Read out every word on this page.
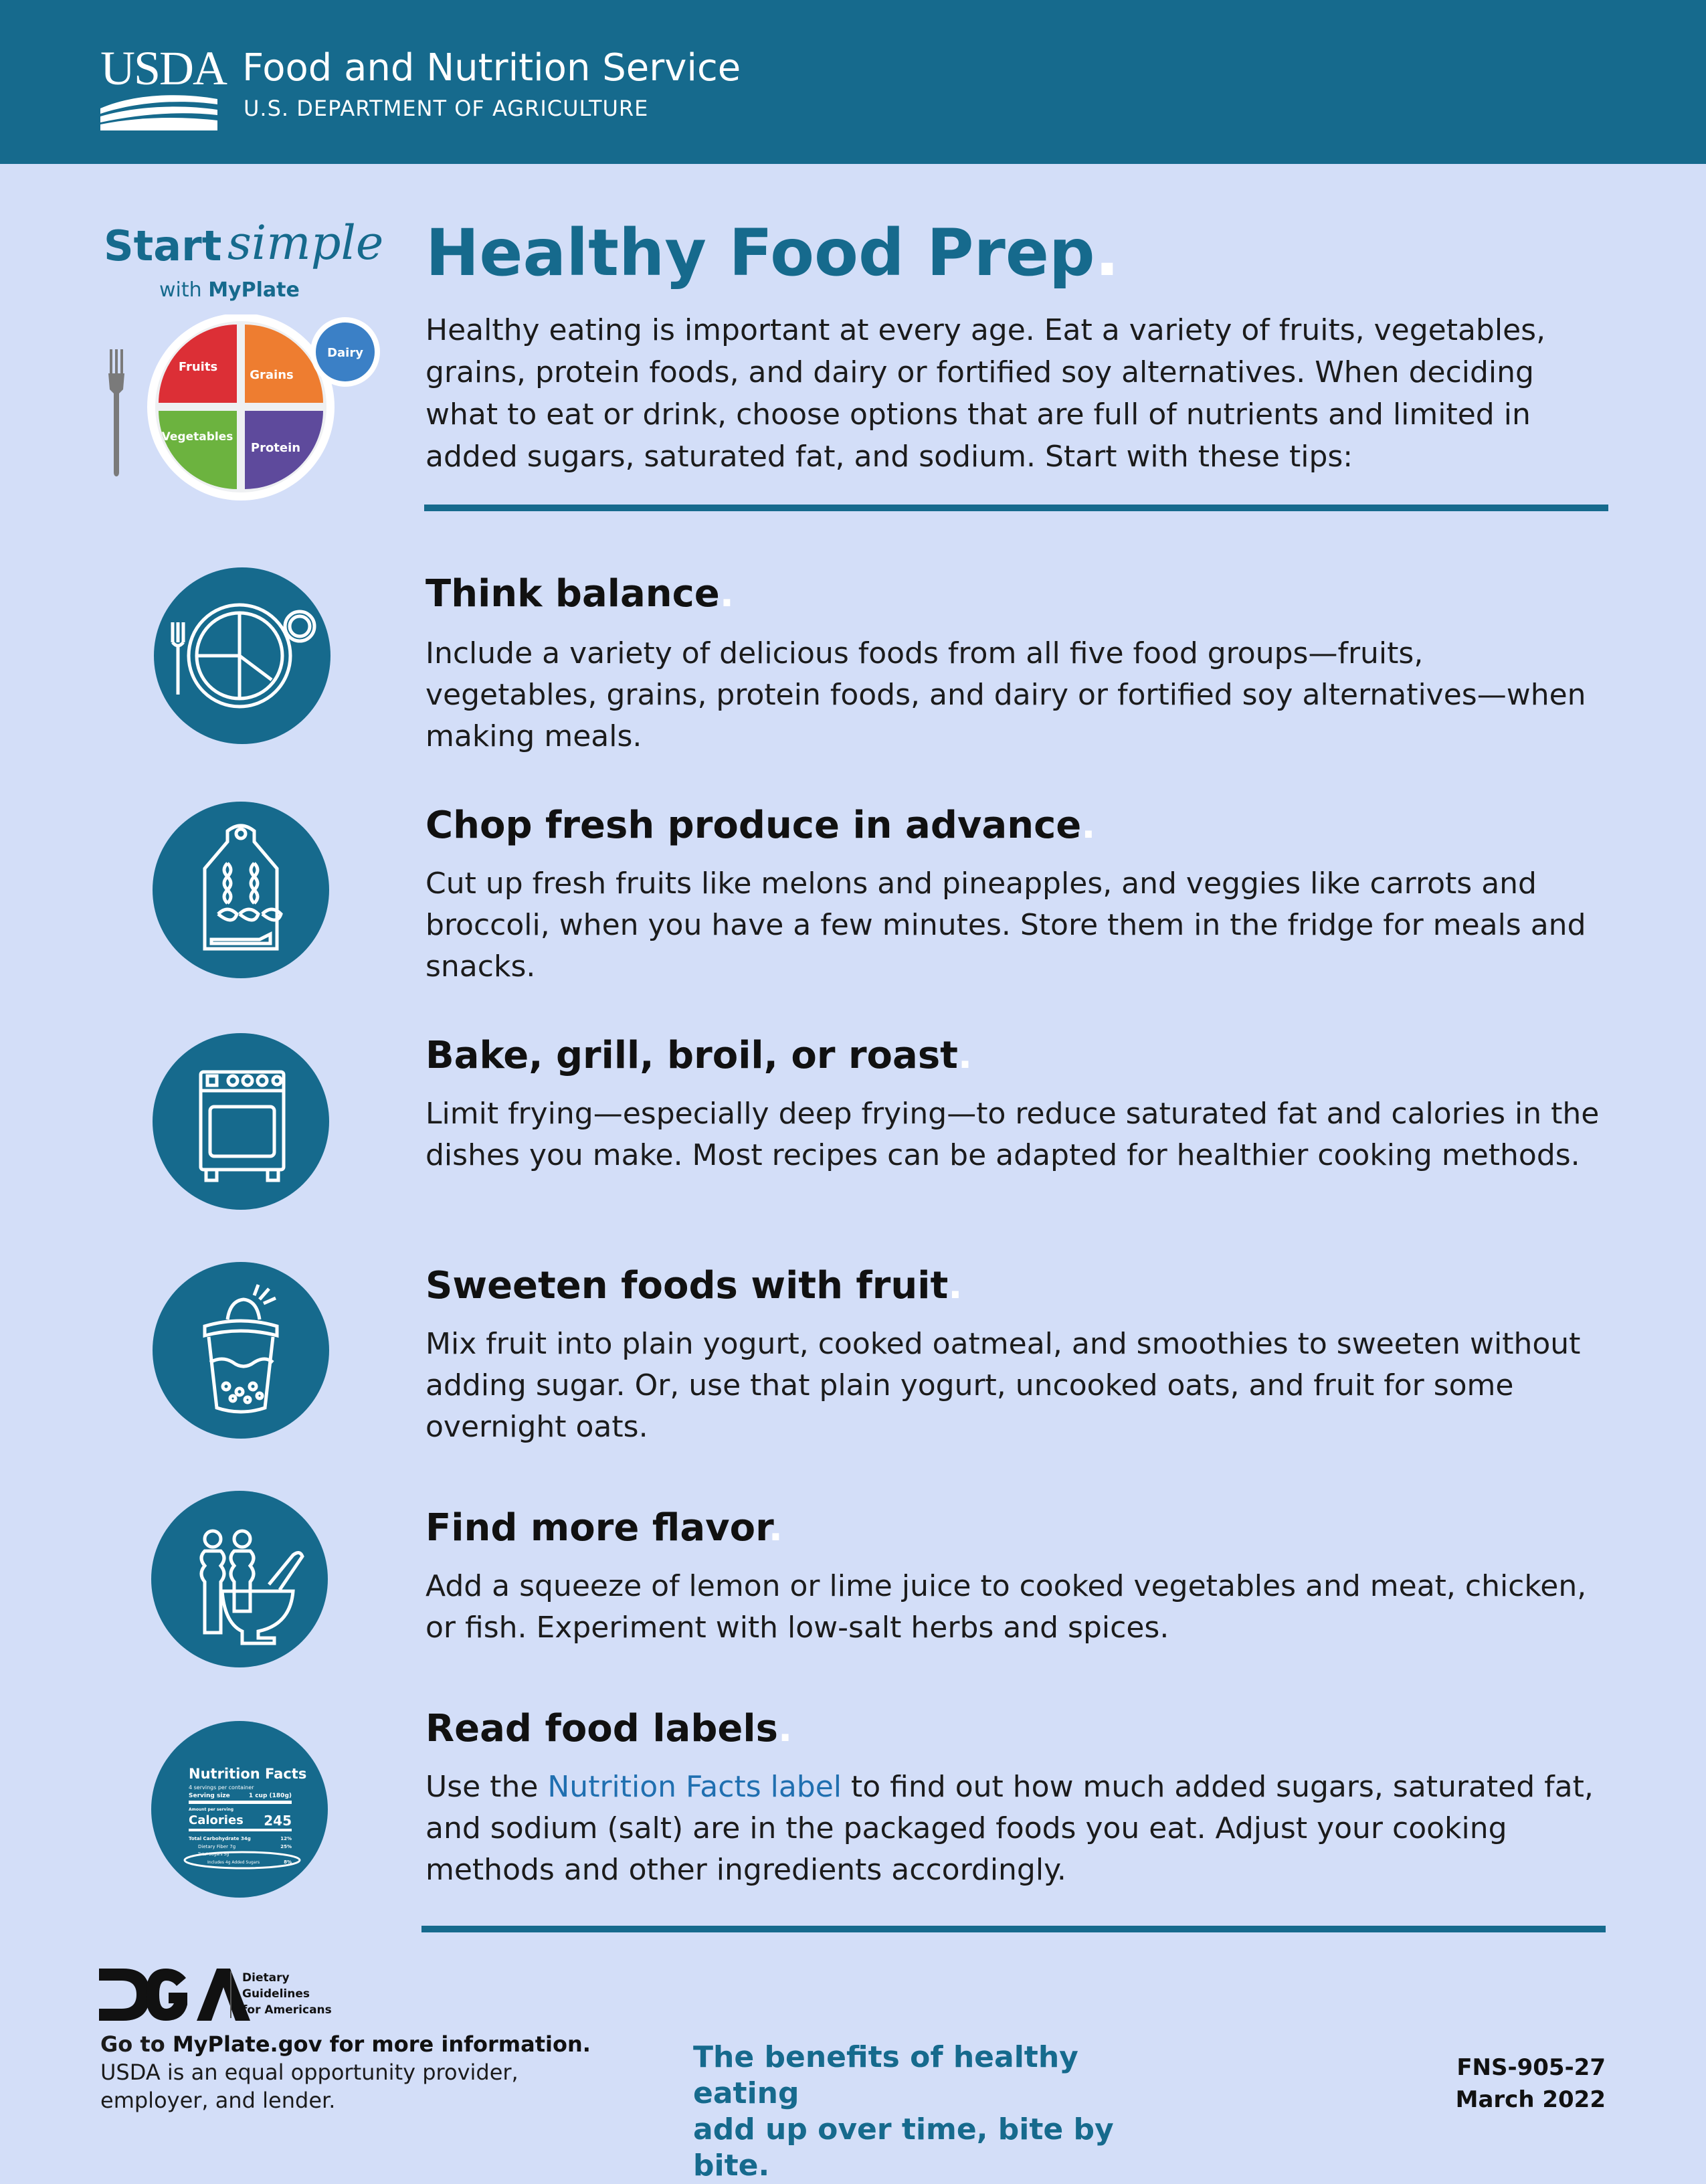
USDA Food and Nutrition Service
U.S. DEPARTMENT OF AGRICULTURE
Start simple
with MyPlate
Fruits
Grains
Vegetables
Protein
Dairy
Healthy Food Prep.
Healthy eating is important at every age. Eat a variety of fruits, vegetables, grains, protein foods, and dairy or fortified soy alternatives. When deciding what to eat or drink, choose options that are full of nutrients and limited in added sugars, saturated fat, and sodium. Start with these tips:
Think balance.
Include a variety of delicious foods from all five food groups—fruits, vegetables, grains, protein foods, and dairy or fortified soy alternatives—when making meals.
Chop fresh produce in advance.
Cut up fresh fruits like melons and pineapples, and veggies like carrots and broccoli, when you have a few minutes. Store them in the fridge for meals and snacks.
Bake, grill, broil, or roast.
Limit frying—especially deep frying—to reduce saturated fat and calories in the dishes you make. Most recipes can be adapted for healthier cooking methods.
Sweeten foods with fruit.
Mix fruit into plain yogurt, cooked oatmeal, and smoothies to sweeten without adding sugar. Or, use that plain yogurt, uncooked oats, and fruit for some overnight oats.
Find more flavor.
Add a squeeze of lemon or lime juice to cooked vegetables and meat, chicken, or fish. Experiment with low-salt herbs and spices.
Nutrition Facts
4 servings per container
Serving size	1 cup (180g)
Amount per serving
Calories 245
Total Carbohydrate 34g	12%
Dietary Fiber 7g	25%
Total Sugars 5g
Includes 4g Added Sugars	8%
Read food labels.
Use the Nutrition Facts label to find out how much added sugars, saturated fat, and sodium (salt) are in the packaged foods you eat. Adjust your cooking methods and other ingredients accordingly.
Dietary
Guidelines
for Americans
Go to MyPlate.gov for more information.
USDA is an equal opportunity provider, employer, and lender.
The benefits of healthy eating
add up over time, bite by bite.
FNS-905-27
March 2022
